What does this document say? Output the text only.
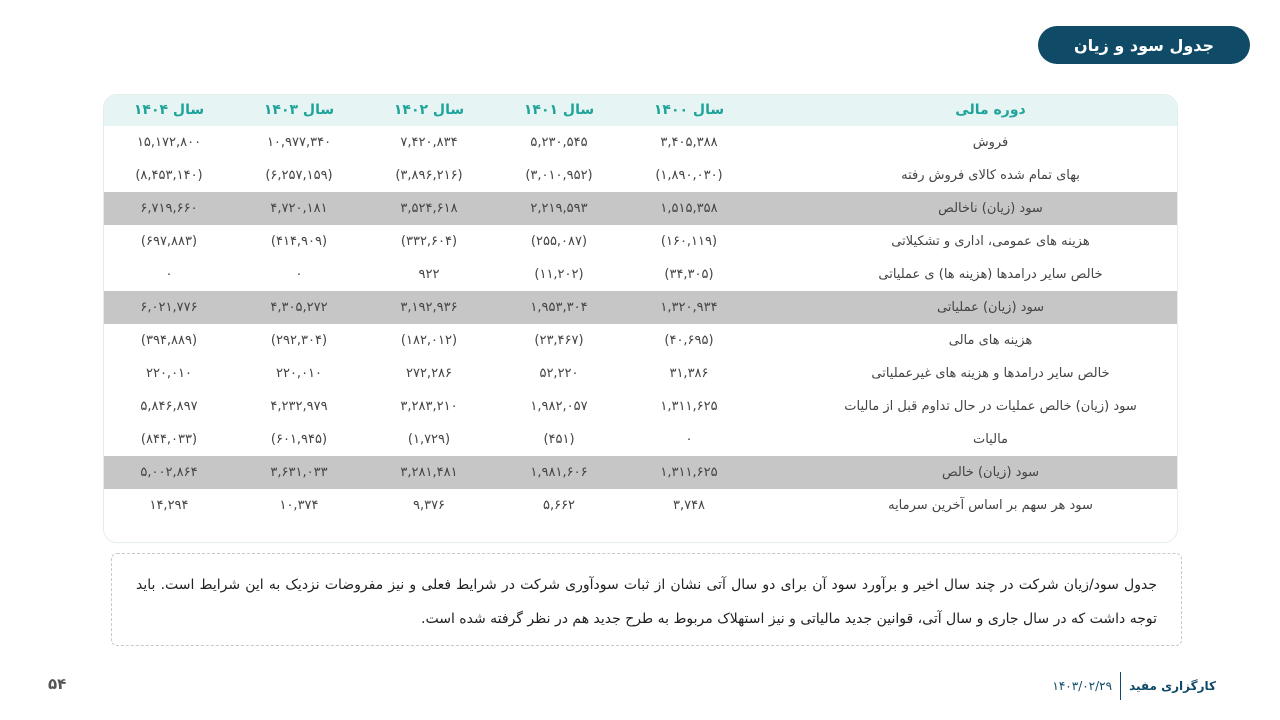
جدول سود و زیان
سال ۱۴۰۴	سال ۱۴۰۳	سال ۱۴۰۲	سال ۱۴۰۱	سال ۱۴۰۰	دوره مالی
۱۵,۱۷۲,۸۰۰	۱۰,۹۷۷,۳۴۰	۷,۴۲۰,۸۳۴	۵,۲۳۰,۵۴۵	۳,۴۰۵,۳۸۸	فروش
(۸,۴۵۳,۱۴۰)	(۶,۲۵۷,۱۵۹)	(۳,۸۹۶,۲۱۶)	(۳,۰۱۰,۹۵۲)	(۱,۸۹۰,۰۳۰)	بهای تمام شده کالای فروش رفته
۶,۷۱۹,۶۶۰	۴,۷۲۰,۱۸۱	۳,۵۲۴,۶۱۸	۲,۲۱۹,۵۹۳	۱,۵۱۵,۳۵۸	سود (زیان) ناخالص
(۶۹۷,۸۸۳)	(۴۱۴,۹۰۹)	(۳۳۲,۶۰۴)	(۲۵۵,۰۸۷)	(۱۶۰,۱۱۹)	هزینه های عمومی، اداری و تشکیلاتی
۰	۰	۹۲۲	(۱۱,۲۰۲)	(۳۴,۳۰۵)	خالص سایر درامدها (هزینه ها) ی عملیاتی
۶,۰۲۱,۷۷۶	۴,۳۰۵,۲۷۲	۳,۱۹۲,۹۳۶	۱,۹۵۳,۳۰۴	۱,۳۲۰,۹۳۴	سود (زیان) عملیاتی
(۳۹۴,۸۸۹)	(۲۹۲,۳۰۴)	(۱۸۲,۰۱۲)	(۲۳,۴۶۷)	(۴۰,۶۹۵)	هزینه های مالی
۲۲۰,۰۱۰	۲۲۰,۰۱۰	۲۷۲,۲۸۶	۵۲,۲۲۰	۳۱,۳۸۶	خالص سایر درامدها و هزینه های غیرعملیاتی
۵,۸۴۶,۸۹۷	۴,۲۳۲,۹۷۹	۳,۲۸۳,۲۱۰	۱,۹۸۲,۰۵۷	۱,۳۱۱,۶۲۵	سود (زیان) خالص عملیات در حال تداوم قبل از مالیات
(۸۴۴,۰۳۳)	(۶۰۱,۹۴۵)	(۱,۷۲۹)	(۴۵۱)	۰	مالیات
۵,۰۰۲,۸۶۴	۳,۶۳۱,۰۳۳	۳,۲۸۱,۴۸۱	۱,۹۸۱,۶۰۶	۱,۳۱۱,۶۲۵	سود (زیان) خالص
۱۴,۲۹۴	۱۰,۳۷۴	۹,۳۷۶	۵,۶۶۲	۳,۷۴۸	سود هر سهم بر اساس آخرین سرمایه
جدول سود/زیان شرکت در چند سال اخیر و برآورد سود آن برای دو سال آتی نشان از ثبات سودآوری شرکت در شرایط فعلی و نیز مفروضات نزدیک به این شرایط است. باید توجه داشت که در سال جاری و سال آتی، قوانین جدید مالیاتی و نیز استهلاک مربوط به طرح جدید هم در نظر گرفته شده است.
۵۴	کارگزاری مفید
۱۴۰۳/۰۲/۲۹
